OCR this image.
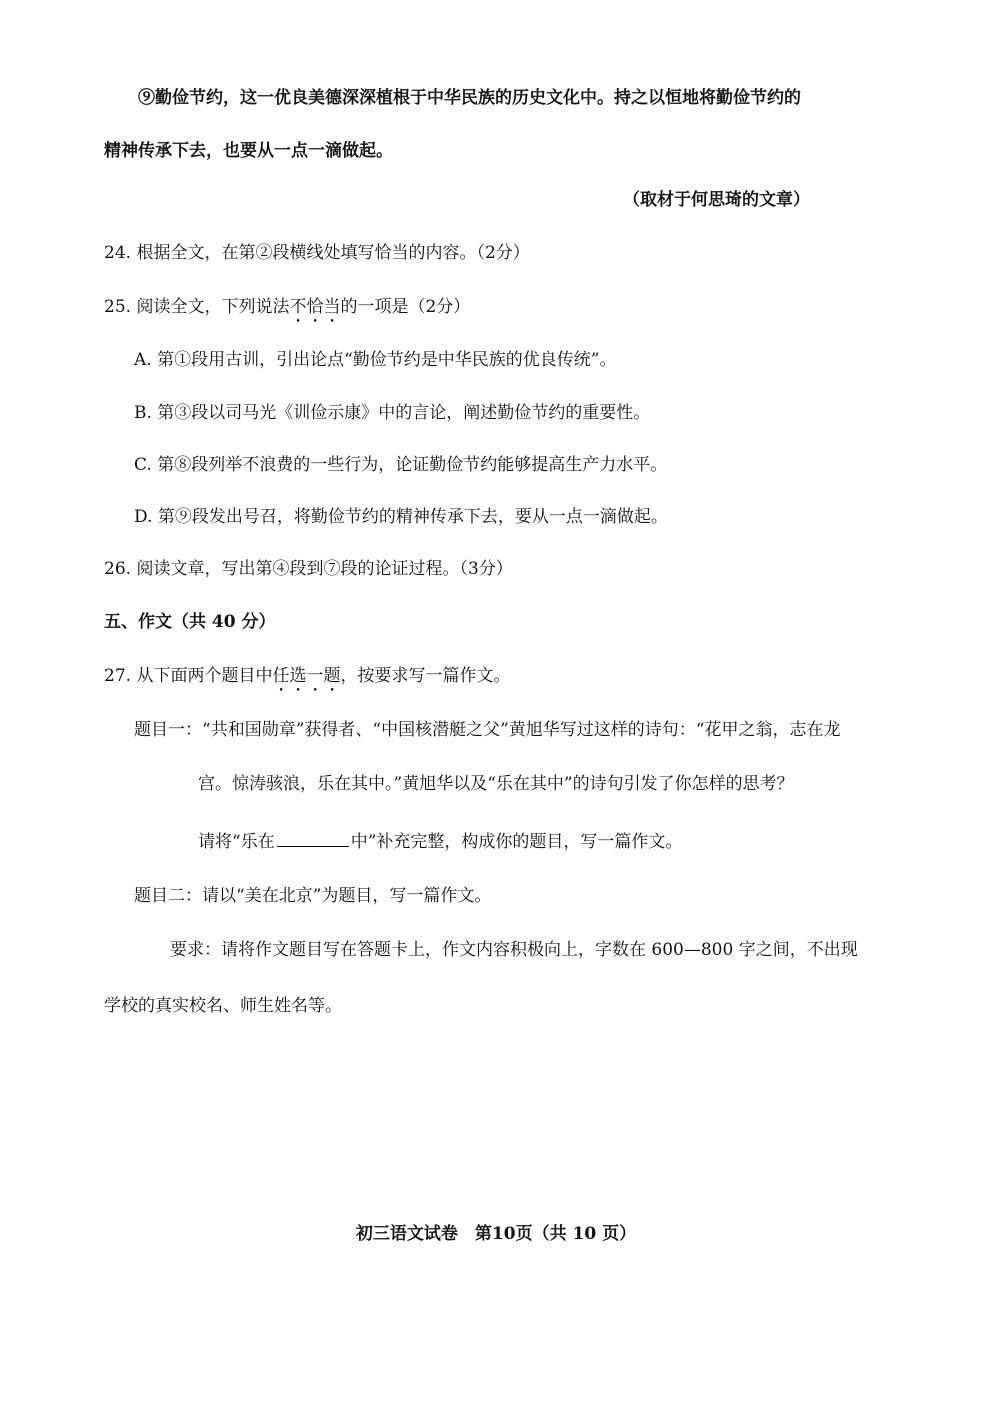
⑨勤俭节约，这一优良美德深深植根于中华民族的历史文化中。持之以恒地将勤俭节约的
精神传承下去，也要从一点一滴做起。
（取材于何思琦的文章）
24. 根据全文，在第②段横线处填写恰当的内容。（2分）
25. 阅读全文，下列说法不恰当的一项是（2分）
A. 第①段用古训，引出论点“勤俭节约是中华民族的优良传统”。
B. 第③段以司马光《训俭示康》中的言论，阐述勤俭节约的重要性。
C. 第⑧段列举不浪费的一些行为，论证勤俭节约能够提高生产力水平。
D. 第⑨段发出号召，将勤俭节约的精神传承下去，要从一点一滴做起。
26. 阅读文章，写出第④段到⑦段的论证过程。（3分）
五、作文（共 40 分）
27. 从下面两个题目中任选一题，按要求写一篇作文。
题目一：“共和国勋章”获得者、“中国核潜艇之父”黄旭华写过这样的诗句：“花甲之翁，志在龙
宫。惊涛骇浪，乐在其中。”黄旭华以及“乐在其中”的诗句引发了你怎样的思考？
请将“乐在	中”补充完整，构成你的题目，写一篇作文。
题目二：请以“美在北京”为题目，写一篇作文。
要求：请将作文题目写在答题卡上，作文内容积极向上，字数在 600—800 字之间，不出现
学校的真实校名、师生姓名等。
初三语文试卷　第10页（共 10 页）
